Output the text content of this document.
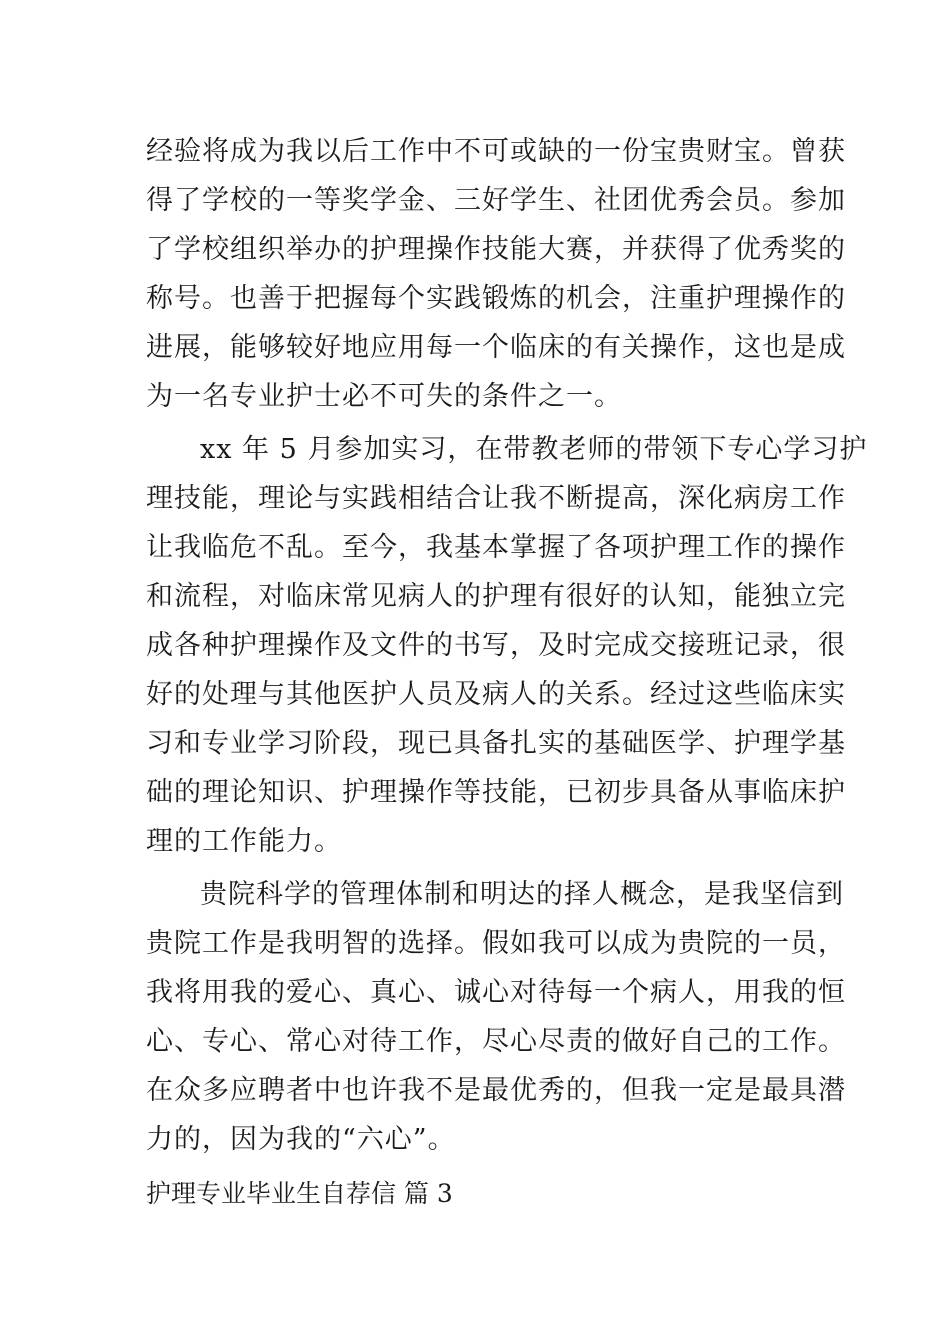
经验将成为我以后工作中不可或缺的一份宝贵财宝。曾获
得了学校的一等奖学金、三好学生、社团优秀会员。参加
了学校组织举办的护理操作技能大赛，并获得了优秀奖的
称号。也善于把握每个实践锻炼的机会，注重护理操作的
进展，能够较好地应用每一个临床的有关操作，这也是成
为一名专业护士必不可失的条件之一。
xx 年 5 月参加实习，在带教老师的带领下专心学习护
理技能，理论与实践相结合让我不断提高，深化病房工作
让我临危不乱。至今，我基本掌握了各项护理工作的操作
和流程，对临床常见病人的护理有很好的认知，能独立完
成各种护理操作及文件的书写，及时完成交接班记录，很
好的处理与其他医护人员及病人的关系。经过这些临床实
习和专业学习阶段，现已具备扎实的基础医学、护理学基
础的理论知识、护理操作等技能，已初步具备从事临床护
理的工作能力。
贵院科学的管理体制和明达的择人概念，是我坚信到
贵院工作是我明智的选择。假如我可以成为贵院的一员，
我将用我的爱心、真心、诚心对待每一个病人，用我的恒
心、专心、常心对待工作，尽心尽责的做好自己的工作。
在众多应聘者中也许我不是最优秀的，但我一定是最具潜
力的，因为我的“六心”。
护理专业毕业生自荐信 篇 3
